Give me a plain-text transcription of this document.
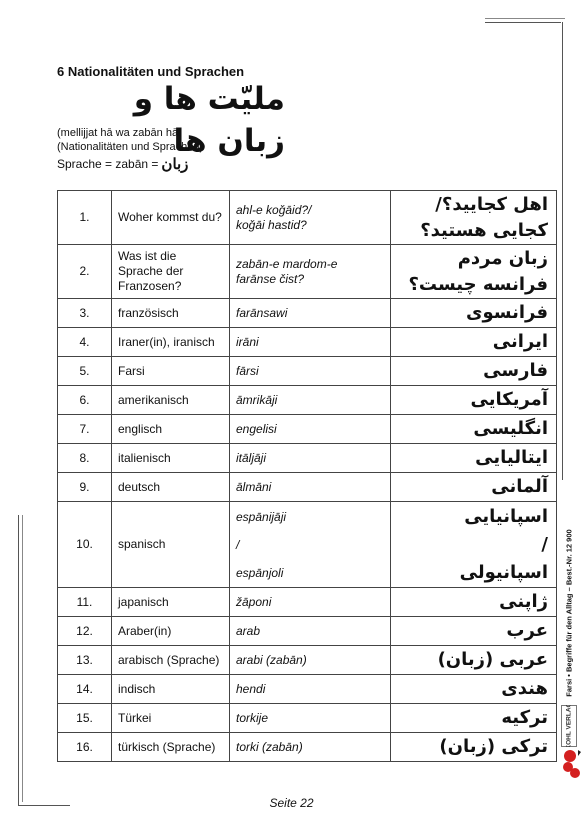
6 Nationalitäten und Sprachen
ملیّت ها و زبان ها
(mellijjat hā wa zabān hā)
(Nationalitäten und Sprachen)
Sprache = zabān = زبان
1.	Woher kommst du?	ahl-e koǧāid?/
koǧāi hastid?	اهل کجایید؟/
کجایی هستید؟

2.	Was ist die Sprache der Franzosen?	zabān-e mardom-e
farānse čist?	زبان مردم
فرانسه چیست؟

3.	französisch	farānsawi	فرانسوی

4.	Iraner(in), iranisch	irāni	ایرانی

5.	Farsi	fārsi	فارسی

6.	amerikanisch	āmrikāji	آمریکایی

7.	englisch	engelisi	انگلیسی

8.	italienisch	itāljāji	ایتالیایی

9.	deutsch	ālmāni	آلمانی

10.	spanisch	espānijāji
/
espānjoli	اسپانیایی
/
اسپانیولی

11.	japanisch	žāponi	ژاپنی

12.	Araber(in)	arab	عرب

13.	arabisch (Sprache)	arabi (zabān)	عربی (زبان)

14.	indisch	hendi	هندی

15.	Türkei	torkije	ترکیه

16.	türkisch (Sprache)	torki (zabān)	ترکی (زبان)
Farsi • Begriffe für den Alltag – Best.-Nr. 12 900
KOHL VERLAG
Seite 22
